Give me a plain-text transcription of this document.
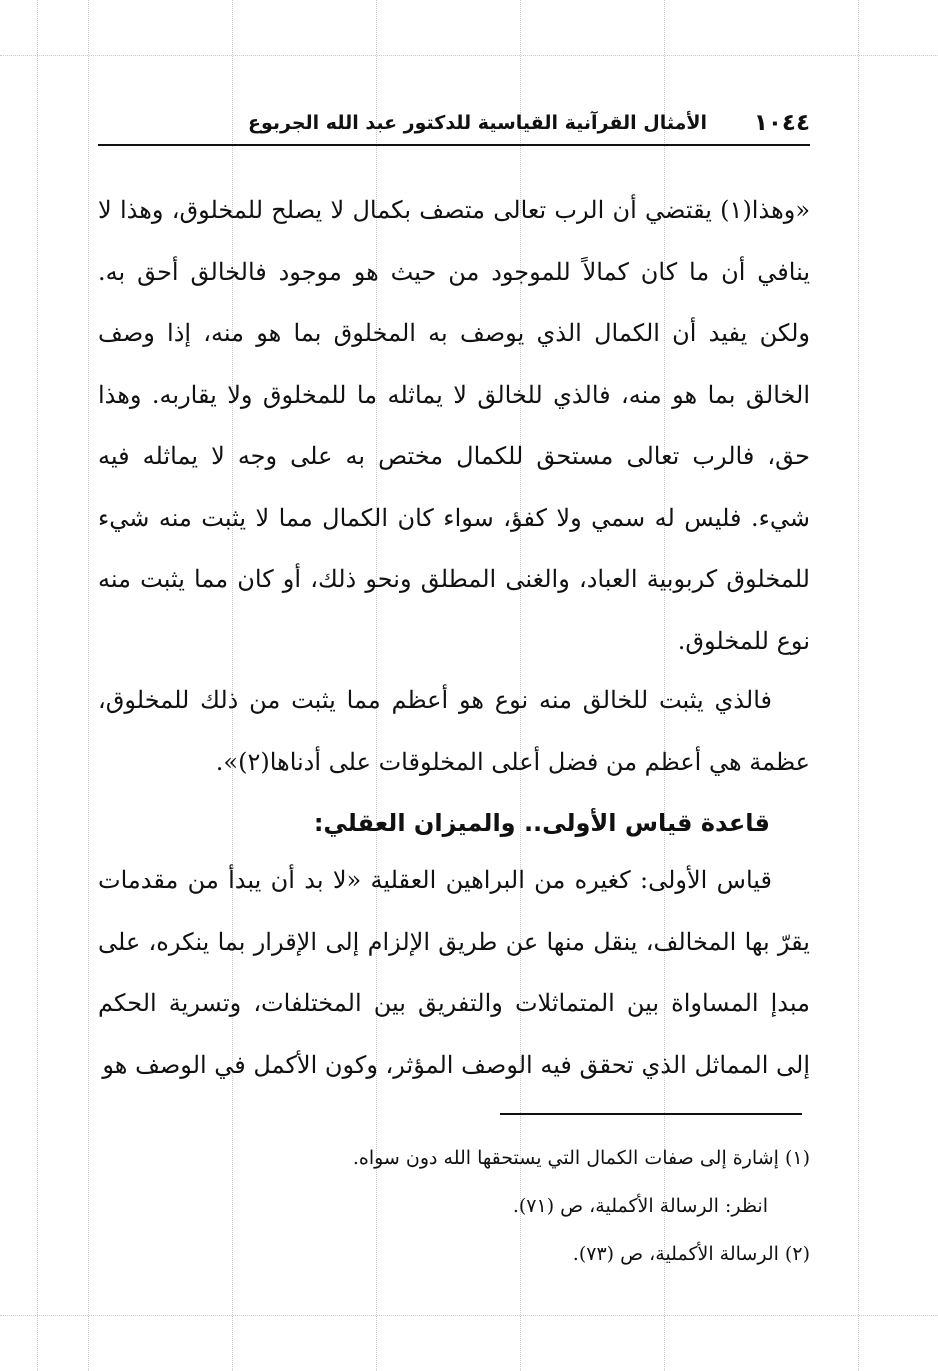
١٠٤٤
الأمثال القرآنية القياسية للدكتور عبد الله الجربوع
«وهذا(١) يقتضي أن الرب تعالى متصف بكمال لا يصلح للمخلوق، وهذا لا ينافي أن ما كان كمالاً للموجود من حيث هو موجود فالخالق أحق به. ولكن يفيد أن الكمال الذي يوصف به المخلوق بما هو منه، إذا وصف الخالق بما هو منه، فالذي للخالق لا يماثله ما للمخلوق ولا يقاربه. وهذا حق، فالرب تعالى مستحق للكمال مختص به على وجه لا يماثله فيه شيء. فليس له سمي ولا كفؤ، سواء كان الكمال مما لا يثبت منه شيء للمخلوق كربوبية العباد، والغنى المطلق ونحو ذلك، أو كان مما يثبت منه نوع للمخلوق.
فالذي يثبت للخالق منه نوع هو أعظم مما يثبت من ذلك للمخلوق، عظمة هي أعظم من فضل أعلى المخلوقات على أدناها(٢)».
قاعدة قياس الأولى.. والميزان العقلي:
قياس الأولى: كغيره من البراهين العقلية «لا بد أن يبدأ من مقدمات يقرّ بها المخالف، ينقل منها عن طريق الإلزام إلى الإقرار بما ينكره، على مبدإ المساواة بين المتماثلات والتفريق بين المختلفات، وتسرية الحكم إلى المماثل الذي تحقق فيه الوصف المؤثر، وكون الأكمل في الوصف هو
(١) إشارة إلى صفات الكمال التي يستحقها الله دون سواه.
انظر: الرسالة الأكملية، ص (٧١).
(٢) الرسالة الأكملية، ص (٧٣).
